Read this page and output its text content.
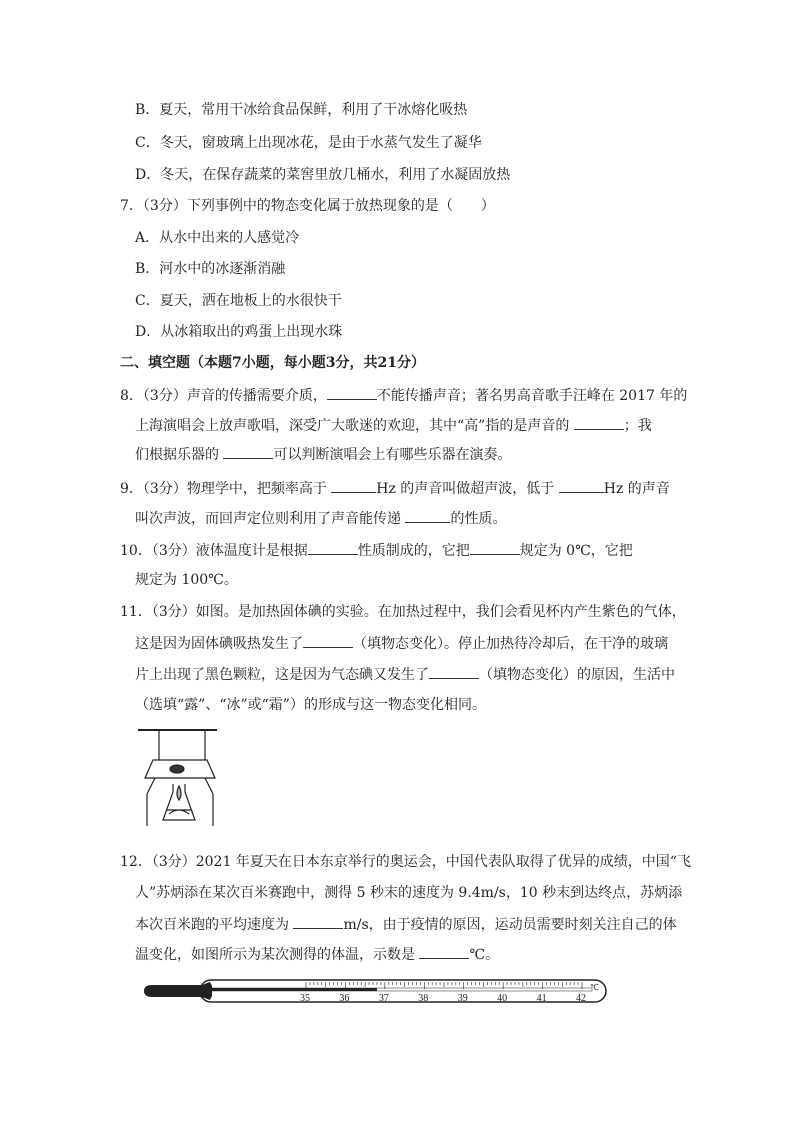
B．夏天，常用干冰给食品保鲜，利用了干冰熔化吸热
C．冬天，窗玻璃上出现冰花，是由于水蒸气发生了凝华
D．冬天，在保存蔬菜的菜窖里放几桶水，利用了水凝固放热
7．（3分）下列事例中的物态变化属于放热现象的是（　　）
A．从水中出来的人感觉冷
B．河水中的冰逐渐消融
C．夏天，洒在地板上的水很快干
D．从冰箱取出的鸡蛋上出现水珠
二、填空题（本题7小题，每小题3分，共21分）
8．（3分）声音的传播需要介质，	不能传播声音；著名男高音歌手汪峰在 2017 年的
上海演唱会上放声歌唱，深受广大歌迷的欢迎，其中“高”指的是声音的	；我
们根据乐器的	可以判断演唱会上有哪些乐器在演奏。
9．（3分）物理学中，把频率高于	Hz 的声音叫做超声波，低于	Hz 的声音
叫次声波，而回声定位则利用了声音能传递	的性质。
10．（3分）液体温度计是根据	性质制成的，它把	规定为 0℃，它把
规定为 100℃。
11．（3分）如图。是加热固体碘的实验。在加热过程中，我们会看见杯内产生紫色的气体，
这是因为固体碘吸热发生了	（填物态变化）。停止加热待冷却后，在干净的玻璃
片上出现了黑色颗粒，这是因为气态碘又发生了	（填物态变化）的原因，生活中
（选填“露”、“冰”或“霜”）的形成与这一物态变化相同。
12．（3分）2021 年夏天在日本东京举行的奥运会，中国代表队取得了优异的成绩，中国“飞
人”苏炳添在某次百米赛跑中，测得 5 秒末的速度为 9.4m/s，10 秒末到达终点，苏炳添
本次百米跑的平均速度为	m/s，由于疫情的原因，运动员需要时刻关注自己的体
温变化，如图所示为某次测得的体温，示数是	℃。
35	36	37	38	39	40	41	42
℃
